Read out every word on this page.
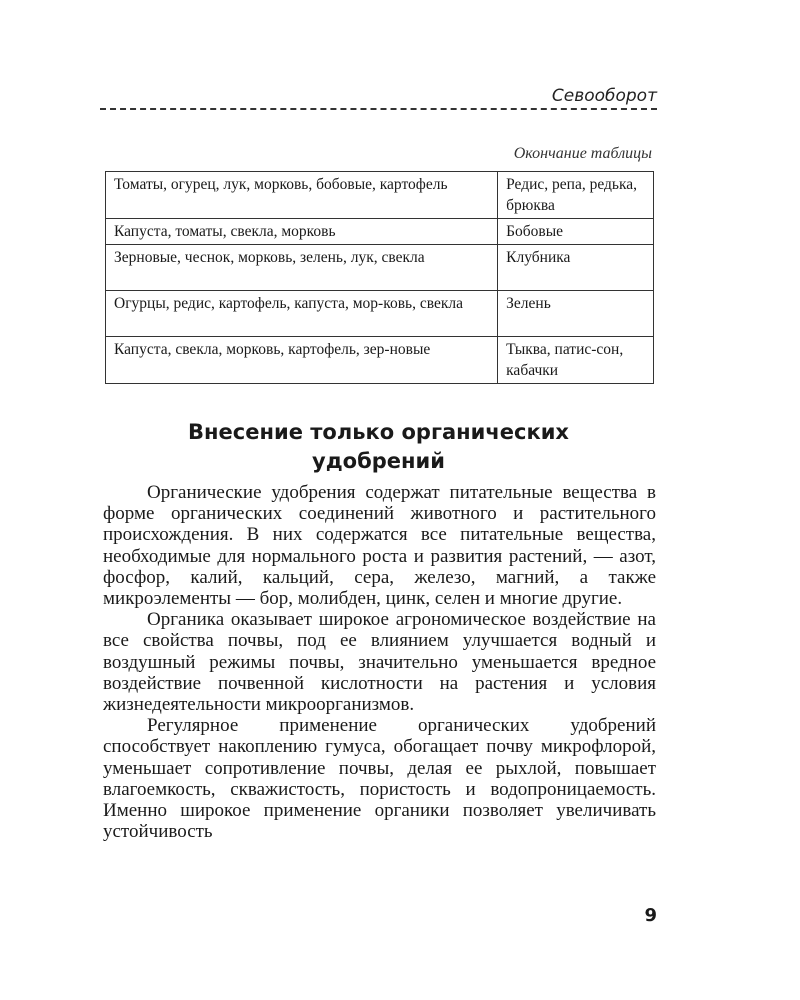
Севооборот
Окончание таблицы
Томаты, огурец, лук, морковь, бобовые, картофель	Редис, репа, редька, брюква
Капуста, томаты, свекла, морковь	Бобовые
Зерновые, чеснок, морковь, зелень, лук, свекла	Клубника
Огурцы, редис, картофель, капуста, мор-ковь, свекла	Зелень
Капуста, свекла, морковь, картофель, зер-новые	Тыква, патис-сон, кабачки
Внесение только органических
удобрений

Органические удобрения содержат питательные вещества в форме органических соединений животного и растительного происхождения. В них содержатся все питательные вещества, необходимые для нормального роста и развития растений, — азот, фосфор, калий, кальций, сера, железо, магний, а также микроэлементы — бор, молибден, цинк, селен и многие другие.

Органика оказывает широкое агрономическое воздействие на все свойства почвы, под ее влиянием улучшается водный и воздушный режимы почвы, значительно уменьшается вредное воздействие почвенной кислотности на растения и условия жизнедеятельности микроорганизмов.

Регулярное применение органических удобрений способствует накоплению гумуса, обогащает почву микрофлорой, уменьшает сопротивление почвы, делая ее рыхлой, повышает влагоемкость, скважистость, пористость и водопроницаемость. Именно широкое применение органики позволяет увеличивать устойчивость

9
